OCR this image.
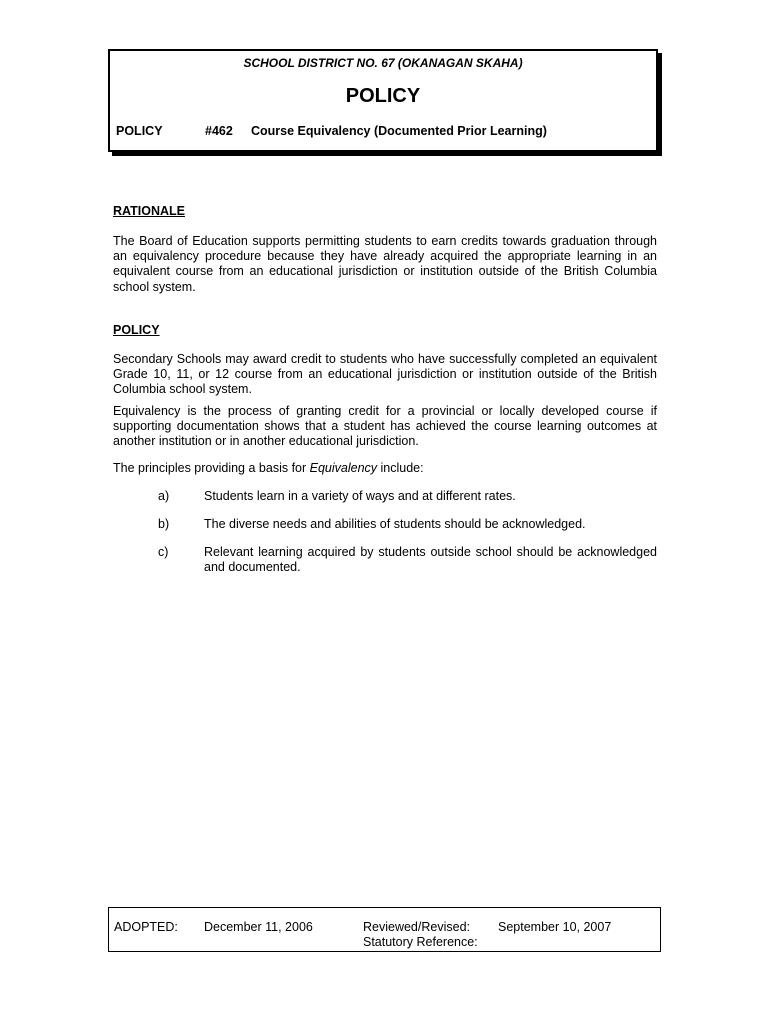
SCHOOL DISTRICT NO. 67 (OKANAGAN SKAHA)
POLICY
POLICY	#462 Course Equivalency (Documented Prior Learning)
RATIONALE

The Board of Education supports permitting students to earn credits towards graduation through an equivalency procedure because they have already acquired the appropriate learning in an equivalent course from an educational jurisdiction or institution outside of the British Columbia school system.

POLICY

Secondary Schools may award credit to students who have successfully completed an equivalent Grade 10, 11, or 12 course from an educational jurisdiction or institution outside of the British Columbia school system.

Equivalency is the process of granting credit for a provincial or locally developed course if supporting documentation shows that a student has achieved the course learning outcomes at another institution or in another educational jurisdiction.

The principles providing a basis for Equivalency include:

a)	Students learn in a variety of ways and at different rates.
b)	The diverse needs and abilities of students should be acknowledged.
c)	Relevant learning acquired by students outside school should be acknowledged and documented.
ADOPTED: December 11, 2006	Reviewed/Revised: September 10, 2007
Statutory Reference:
